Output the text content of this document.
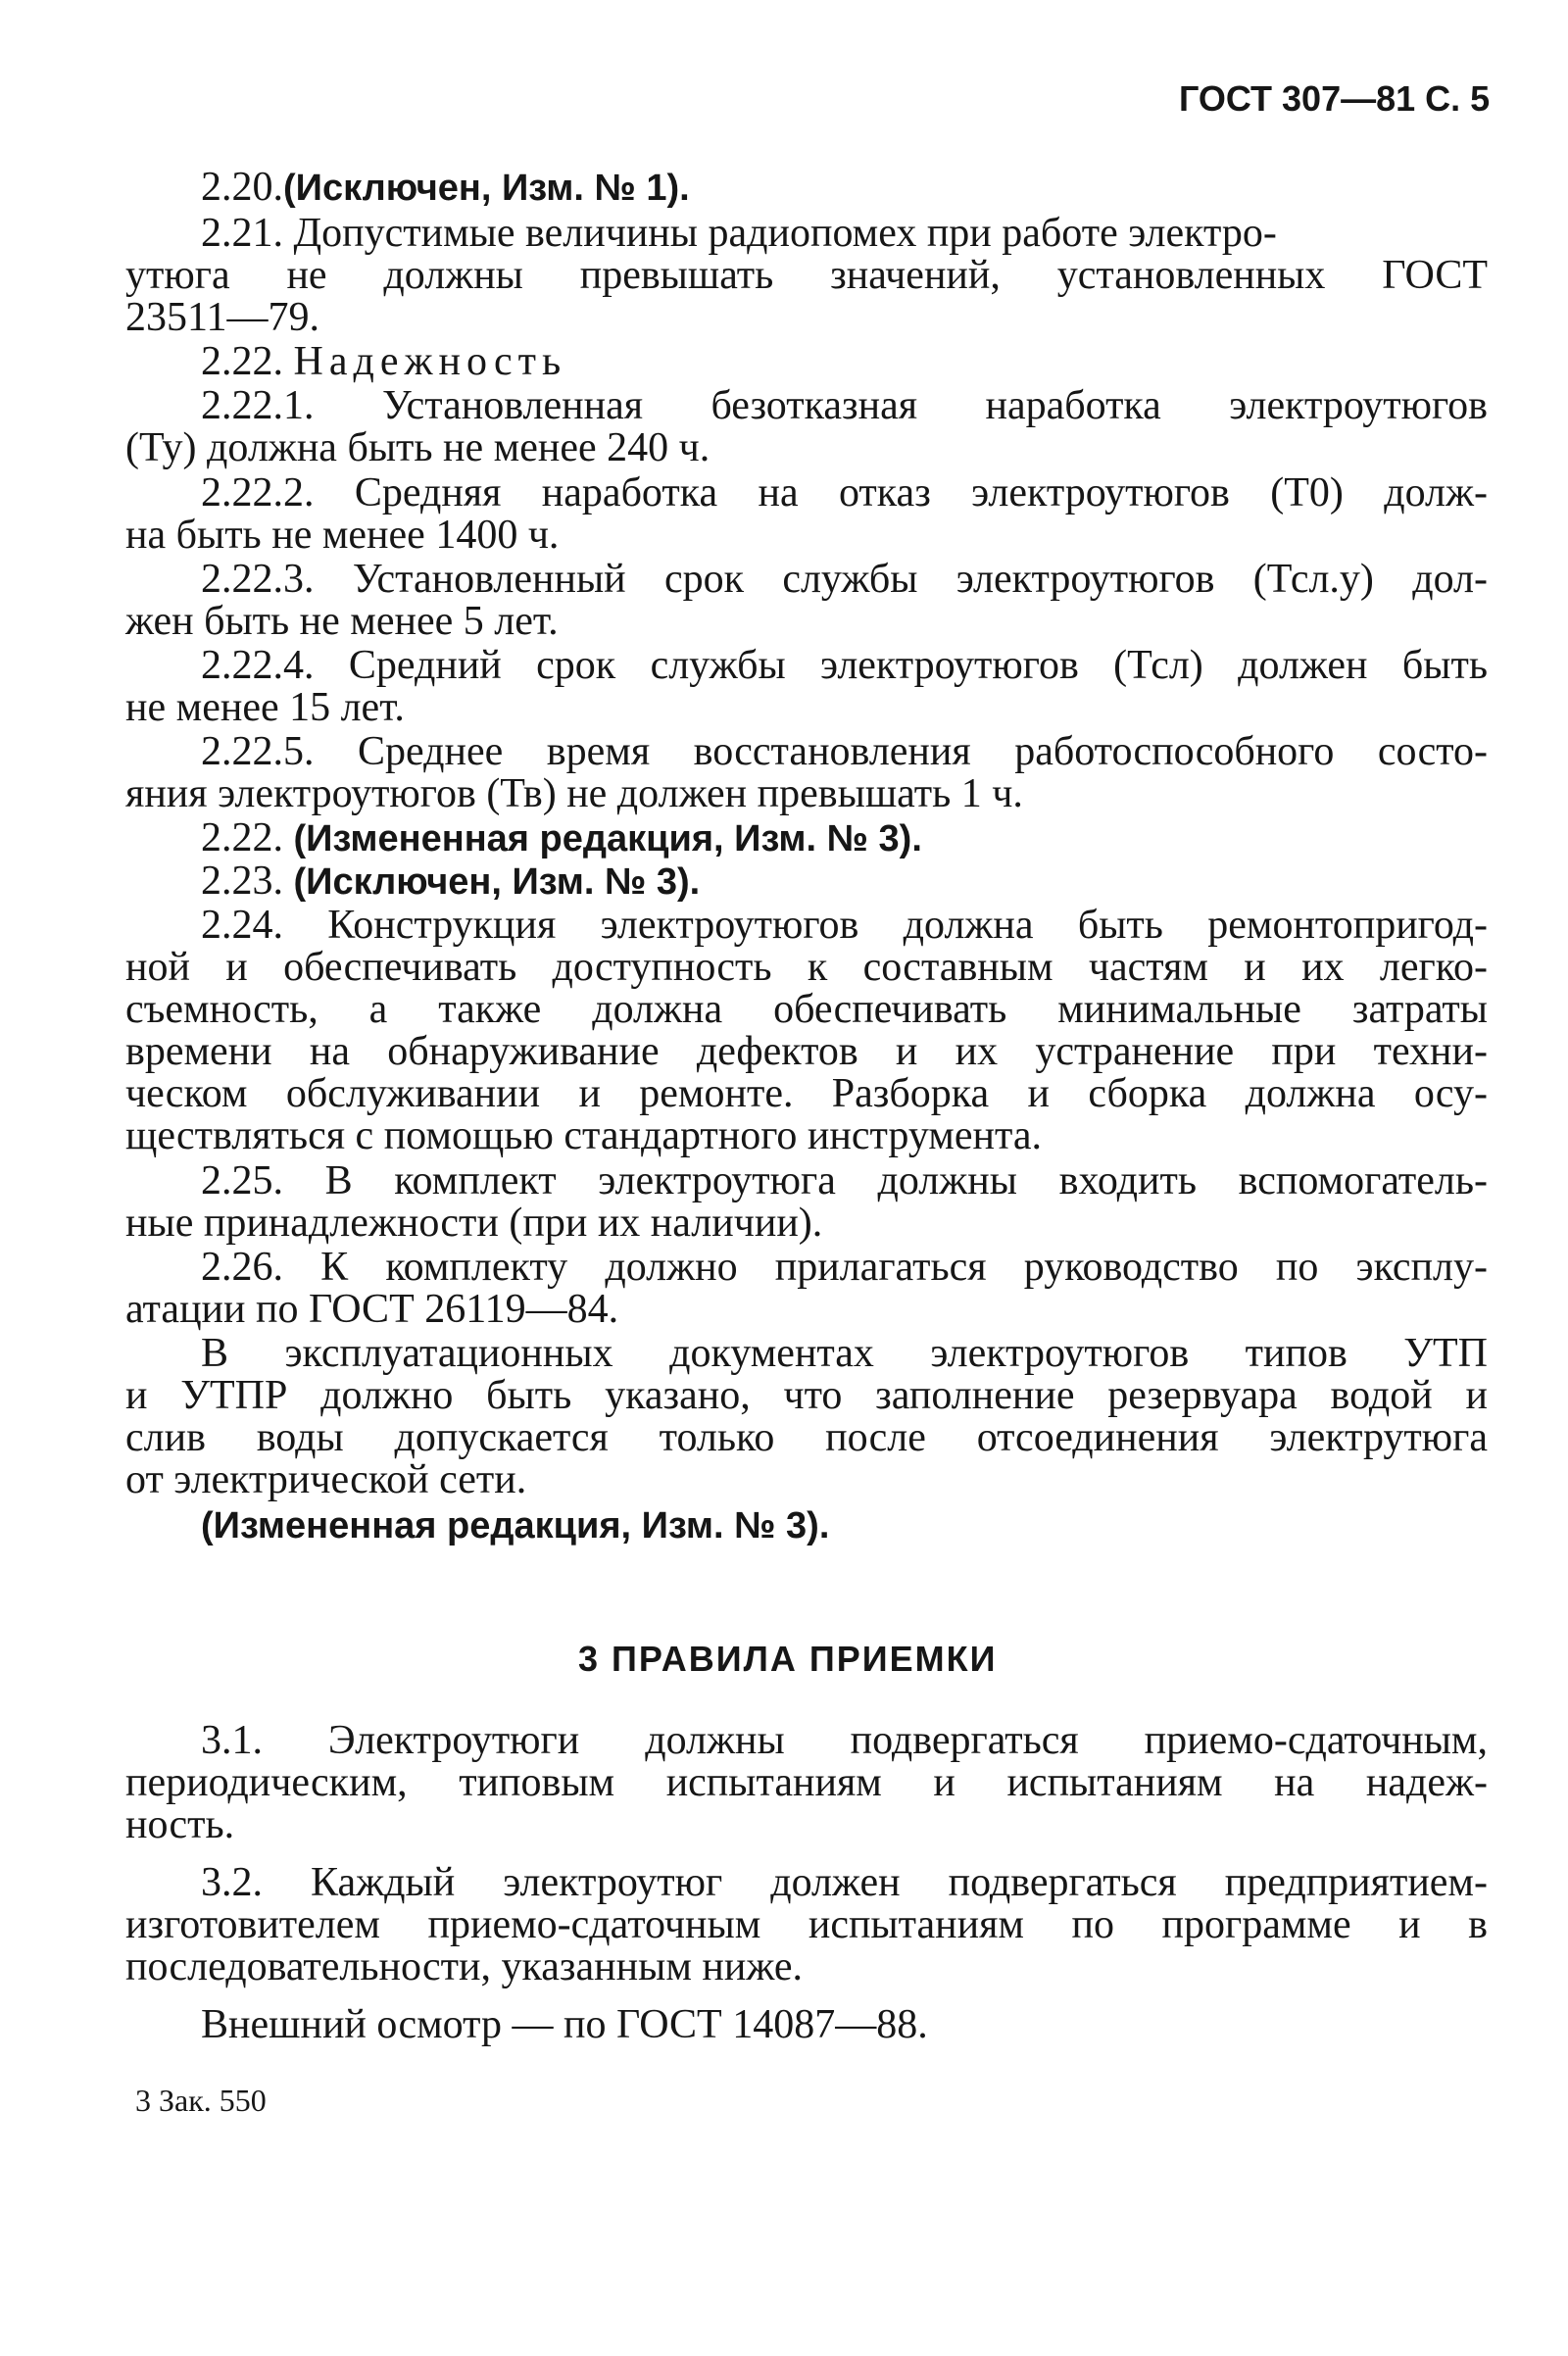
ГОСТ 307—81 С. 5
2.20.(Исключен, Изм. № 1).
2.21. Допустимые величины радиопомех при работе электро-
утюга не должны превышать значений, установленных ГОСТ
23511—79.
2.22. Надежность
2.22.1. Установленная безотказная наработка электроутюгов
(Ту) должна быть не менее 240 ч.
2.22.2. Средняя наработка на отказ электроутюгов (Т0) долж-
на быть не менее 1400 ч.
2.22.3. Установленный срок службы электроутюгов (Тсл.у) дол-
жен быть не менее 5 лет.
2.22.4. Средний срок службы электроутюгов (Тсл) должен быть
не менее 15 лет.
2.22.5. Среднее время восстановления работоспособного состо-
яния электроутюгов (Тв) не должен превышать 1 ч.
2.22. (Измененная редакция, Изм. № 3).
2.23. (Исключен, Изм. № 3).
2.24. Конструкция электроутюгов должна быть ремонтопригод-
ной и обеспечивать доступность к составным частям и их легко-
съемность, а также должна обеспечивать минимальные затраты
времени на обнаруживание дефектов и их устранение при техни-
ческом обслуживании и ремонте. Разборка и сборка должна осу-
ществляться с помощью стандартного инструмента.
2.25. В комплект электроутюга должны входить вспомогатель-
ные принадлежности (при их наличии).
2.26. К комплекту должно прилагаться руководство по эксплу-
атации по ГОСТ 26119—84.
В эксплуатационных документах электроутюгов типов УТП
и УТПР должно быть указано, что заполнение резервуара водой и
слив воды допускается только после отсоединения электрутюга
от электрической сети.
(Измененная редакция, Изм. № 3).
3 ПРАВИЛА ПРИЕМКИ
3.1. Электроутюги должны подвергаться приемо-сдаточным,
периодическим, типовым испытаниям и испытаниям на надеж-
ность.
3.2. Каждый электроутюг должен подвергаться предприятием-
изготовителем приемо-сдаточным испытаниям по программе и в
последовательности, указанным ниже.
Внешний осмотр — по ГОСТ 14087—88.
3 Зак. 550
